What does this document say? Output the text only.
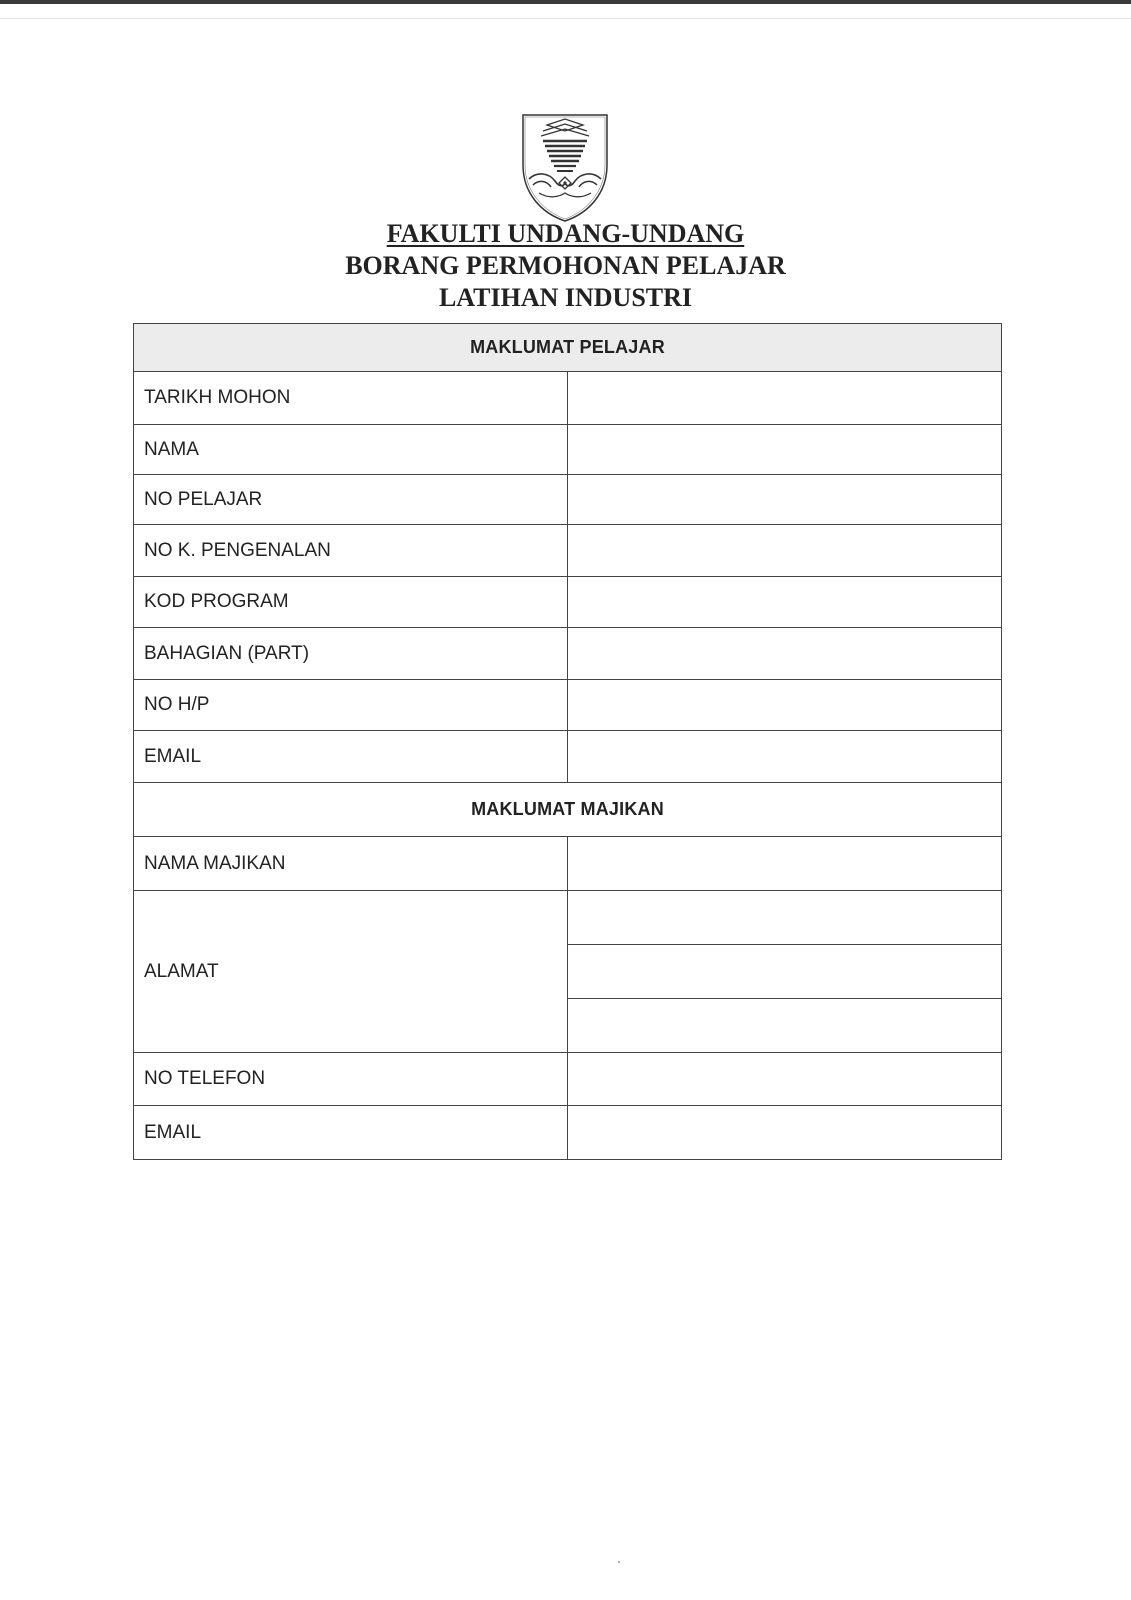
FAKULTI UNDANG-UNDANG
BORANG PERMOHONAN PELAJAR
LATIHAN INDUSTRI
MAKLUMAT PELAJAR	
TARIKH MOHON	
NAMA	
NO PELAJAR	
NO K. PENGENALAN	
KOD PROGRAM	
BAHAGIAN (PART)	
NO H/P	
EMAIL	
MAKLUMAT MAJIKAN	
NAMA MAJIKAN	
ALAMAT	

NO TELEFON	
EMAIL	
